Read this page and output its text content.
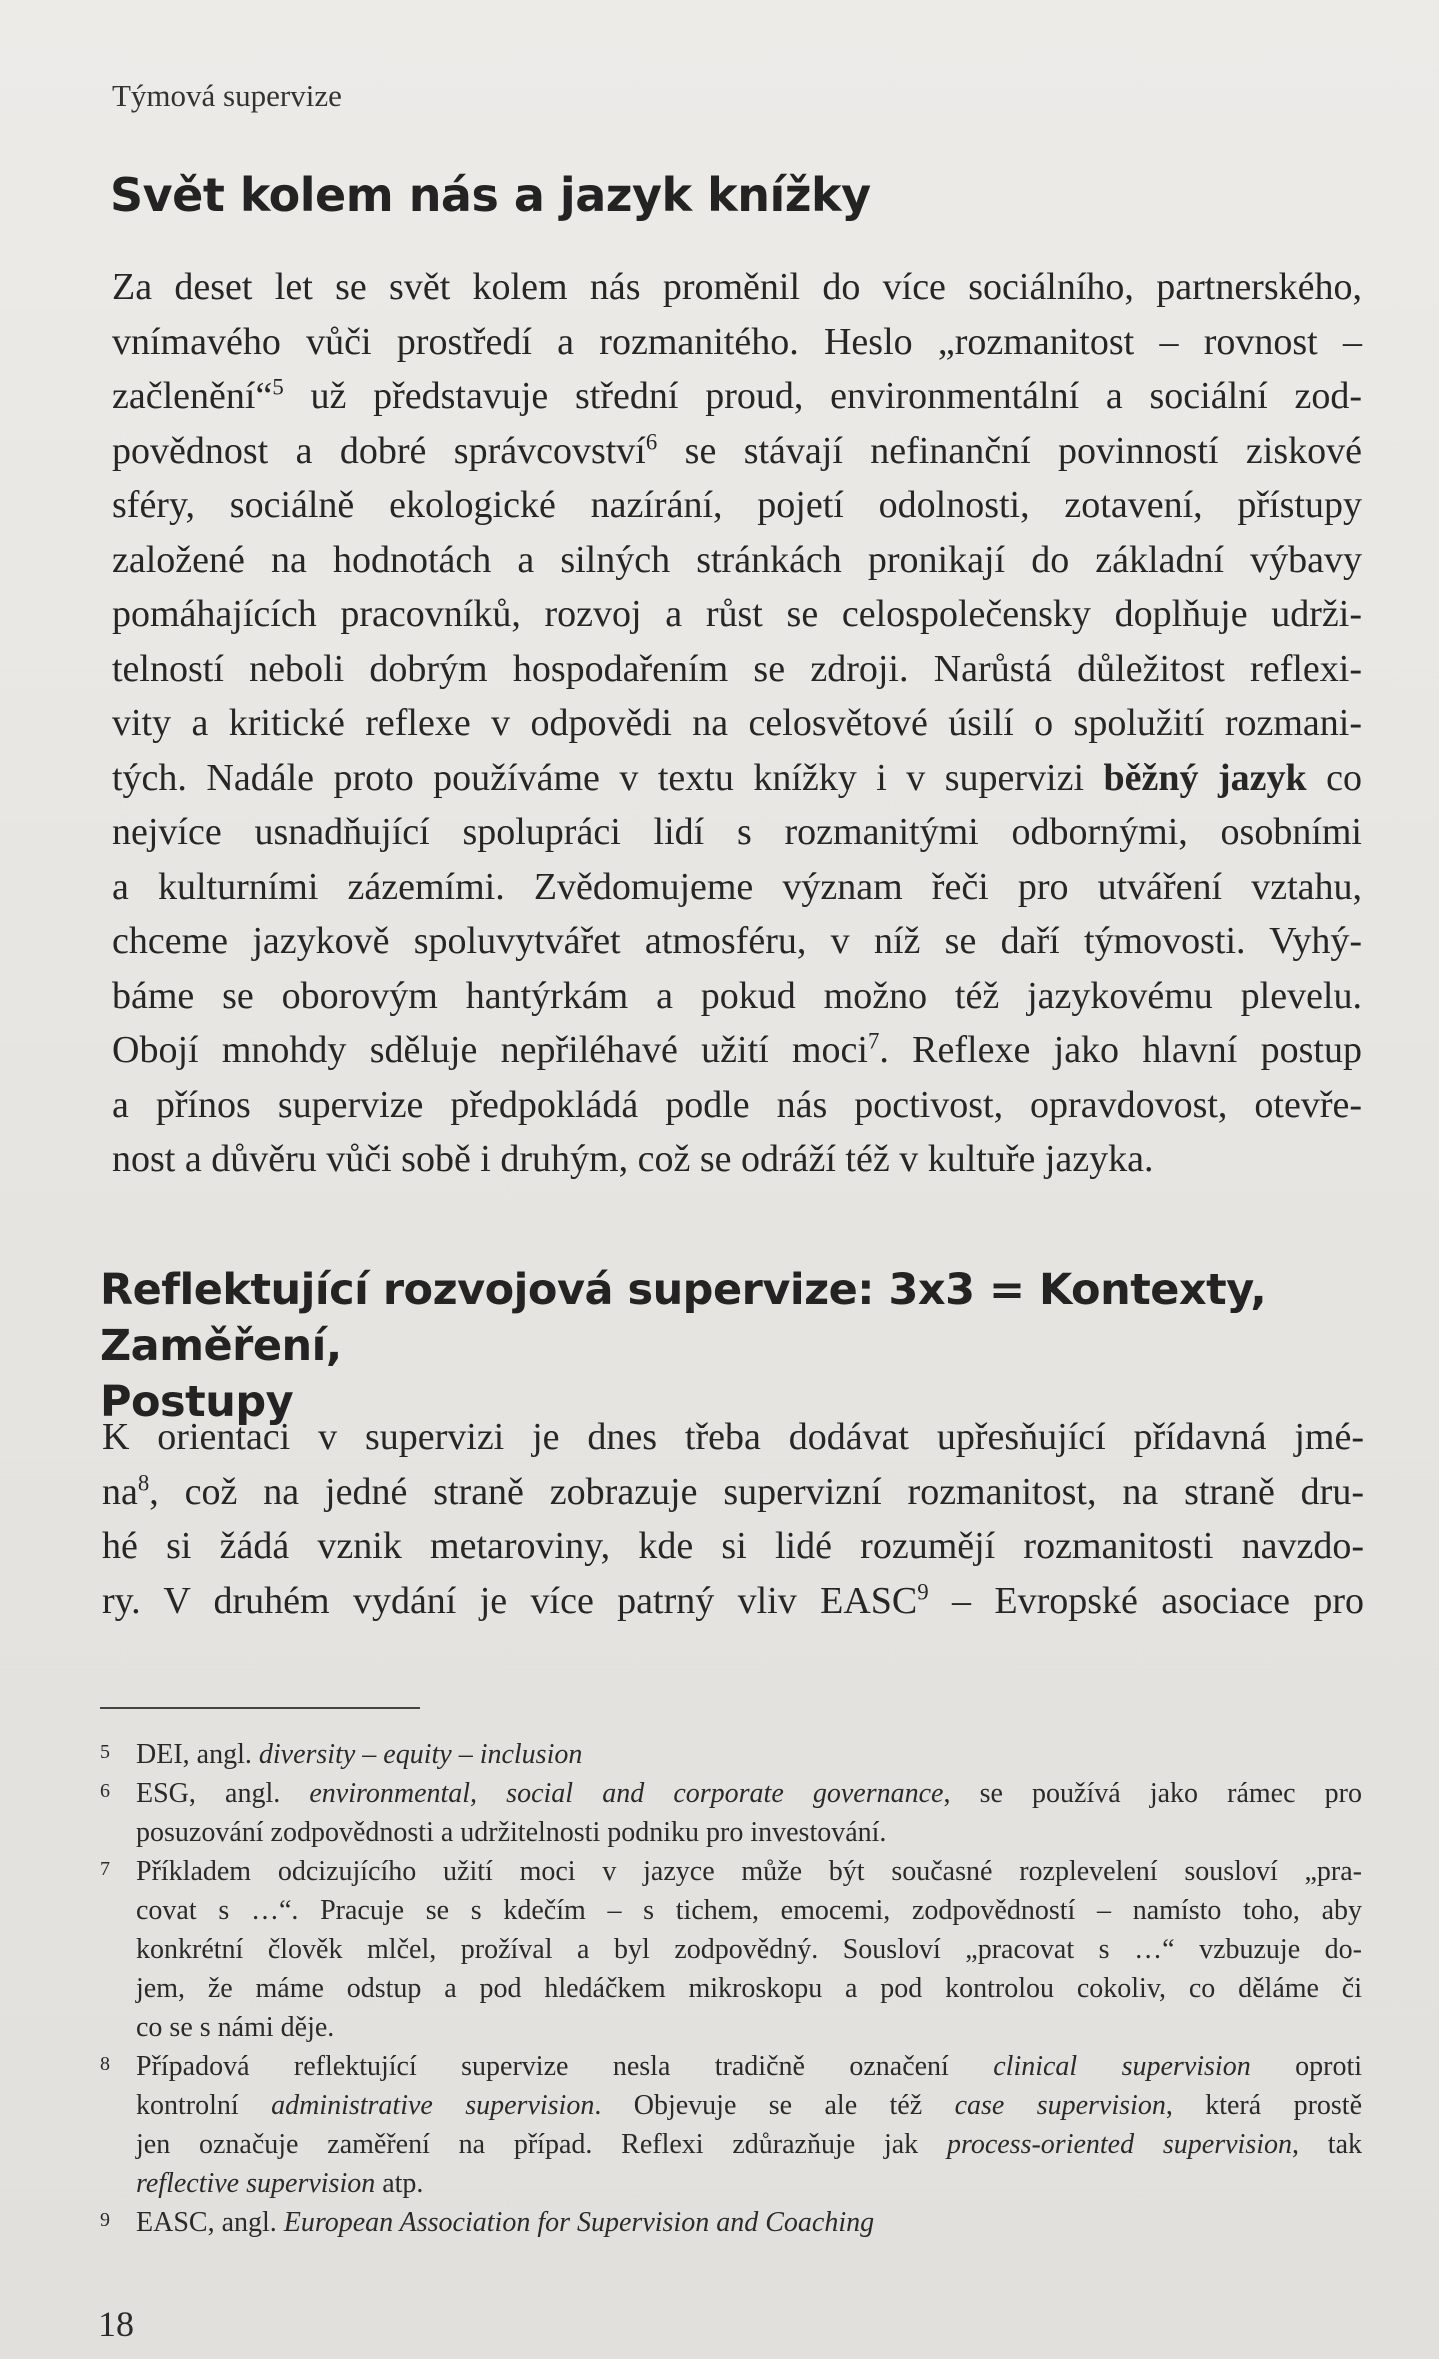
Týmová supervize
Svět kolem nás a jazyk knížky
Za deset let se svět kolem nás proměnil do více sociálního, partnerského,
vnímavého vůči prostředí a rozmanitého. Heslo „rozmanitost – rovnost –
začlenění“$^5$ už představuje střední proud, environmentální a sociální zod-
povědnost a dobré správcovství$^6$ se stávají nefinanční povinností ziskové
sféry, sociálně ekologické nazírání, pojetí odolnosti, zotavení, přístupy
založené na hodnotách a silných stránkách pronikají do základní výbavy
pomáhajících pracovníků, rozvoj a růst se celospolečensky doplňuje udrži-
telností neboli dobrým hospodařením se zdroji. Narůstá důležitost reflexi-
vity a kritické reflexe v odpovědi na celosvětové úsilí o spolužití rozmani-
tých. Nadále proto používáme v textu knížky i v supervizi běžný jazyk co
nejvíce usnadňující spolupráci lidí s rozmanitými odbornými, osobními
a kulturními zázemími. Zvědomujeme význam řeči pro utváření vztahu,
chceme jazykově spoluvytvářet atmosféru, v níž se daří týmovosti. Vyhý-
báme se oborovým hantýrkám a pokud možno též jazykovému plevelu.
Obojí mnohdy sděluje nepřiléhavé užití moci$^7$. Reflexe jako hlavní postup
a přínos supervize předpokládá podle nás poctivost, opravdovost, otevře-
nost a důvěru vůči sobě i druhým, což se odráží též v kultuře jazyka.
Reflektující rozvojová supervize: 3x3 = Kontexty, Zaměření,
Postupy
K orientaci v supervizi je dnes třeba dodávat upřesňující přídavná jmé-
$na^8$, což na jedné straně zobrazuje supervizní rozmanitost, na straně dru-
hé si žádá vznik metaroviny, kde si lidé rozumějí rozmanitosti navzdo-
ry. V druhém vydání je více patrný vliv EASC$^9$ – Evropské asociace pro
5 DEI, angl. diversity – equity – inclusion
6 ESG, angl. environmental, social and corporate governance, se používá jako rámec pro
posuzování zodpovědnosti a udržitelnosti podniku pro investování.
7 Příkladem odcizujícího užití moci v jazyce může být současné rozplevelení sousloví „pra-
covat s …“. Pracuje se s kdečím – s tichem, emocemi, zodpovědností – namísto toho, aby
konkrétní člověk mlčel, prožíval a byl zodpovědný. Sousloví „pracovat s …“ vzbuzuje do-
jem, že máme odstup a pod hledáčkem mikroskopu a pod kontrolou cokoliv, co děláme či
co se s námi děje.
8 Případová reflektující supervize nesla tradičně označení clinical supervision oproti
kontrolní administrative supervision. Objevuje se ale též case supervision, která prostě
jen označuje zaměření na případ. Reflexi zdůrazňuje jak process-oriented supervision, tak
reflective supervision atp.
9 EASC, angl. European Association for Supervision and Coaching
18
